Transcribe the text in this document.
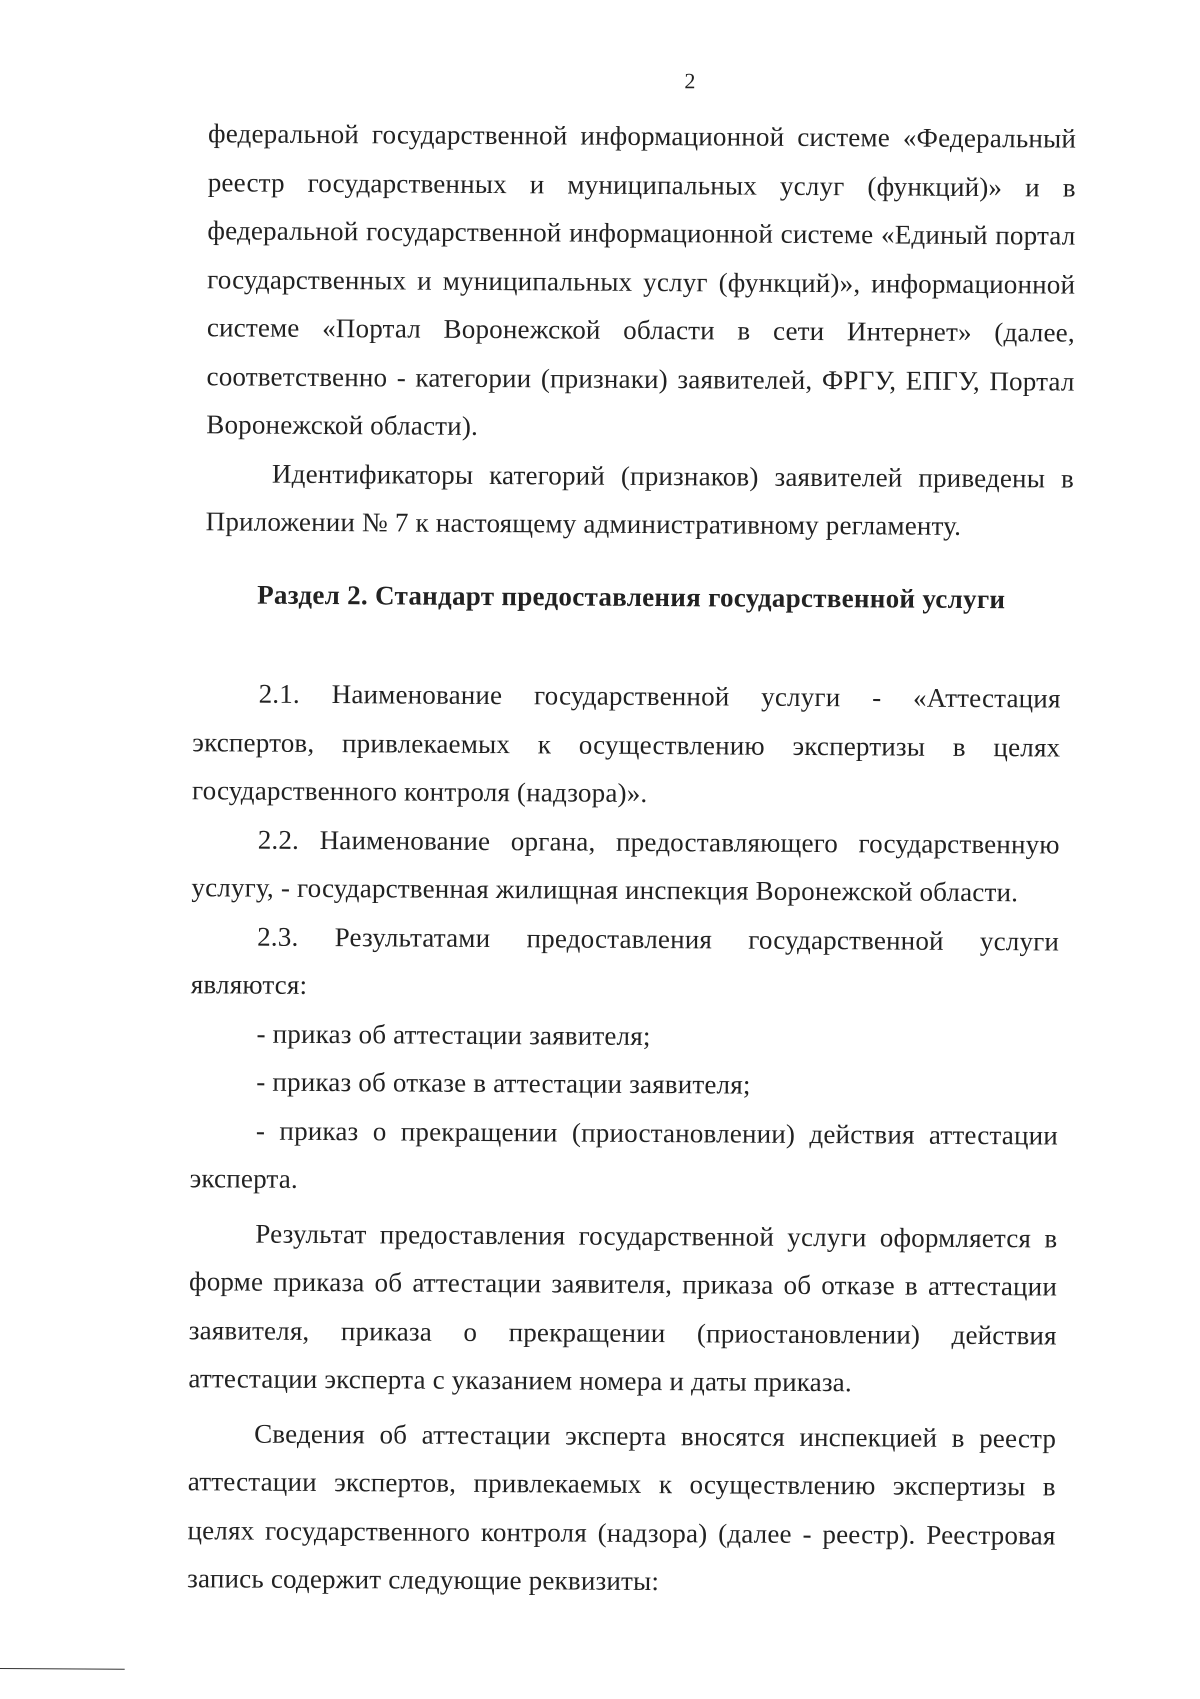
2

федеральной государственной информационной системе «Федеральный реестр государственных и муниципальных услуг (функций)» и в федеральной государственной информационной системе «Единый портал государственных и муниципальных услуг (функций)», информационной системе «Портал Воронежской области в сети Интернет» (далее, соответственно - категории (признаки) заявителей, ФРГУ, ЕПГУ, Портал Воронежской области).

Идентификаторы категорий (признаков) заявителей приведены в Приложении № 7 к настоящему административному регламенту.

Раздел 2. Стандарт предоставления государственной услуги

2.1. Наименование государственной услуги - «Аттестация экспертов, привлекаемых к осуществлению экспертизы в целях государственного контроля (надзора)».

2.2. Наименование органа, предоставляющего государственную услугу, - государственная жилищная инспекция Воронежской области.

2.3. Результатами предоставления государственной услуги являются:

- приказ об аттестации заявителя;

- приказ об отказе в аттестации заявителя;

- приказ о прекращении (приостановлении) действия аттестации эксперта.

Результат предоставления государственной услуги оформляется в форме приказа об аттестации заявителя, приказа об отказе в аттестации заявителя, приказа о прекращении (приостановлении) действия аттестации эксперта с указанием номера и даты приказа.

Сведения об аттестации эксперта вносятся инспекцией в реестр аттестации экспертов, привлекаемых к осуществлению экспертизы в целях государственного контроля (надзора) (далее - реестр). Реестровая запись содержит следующие реквизиты:
